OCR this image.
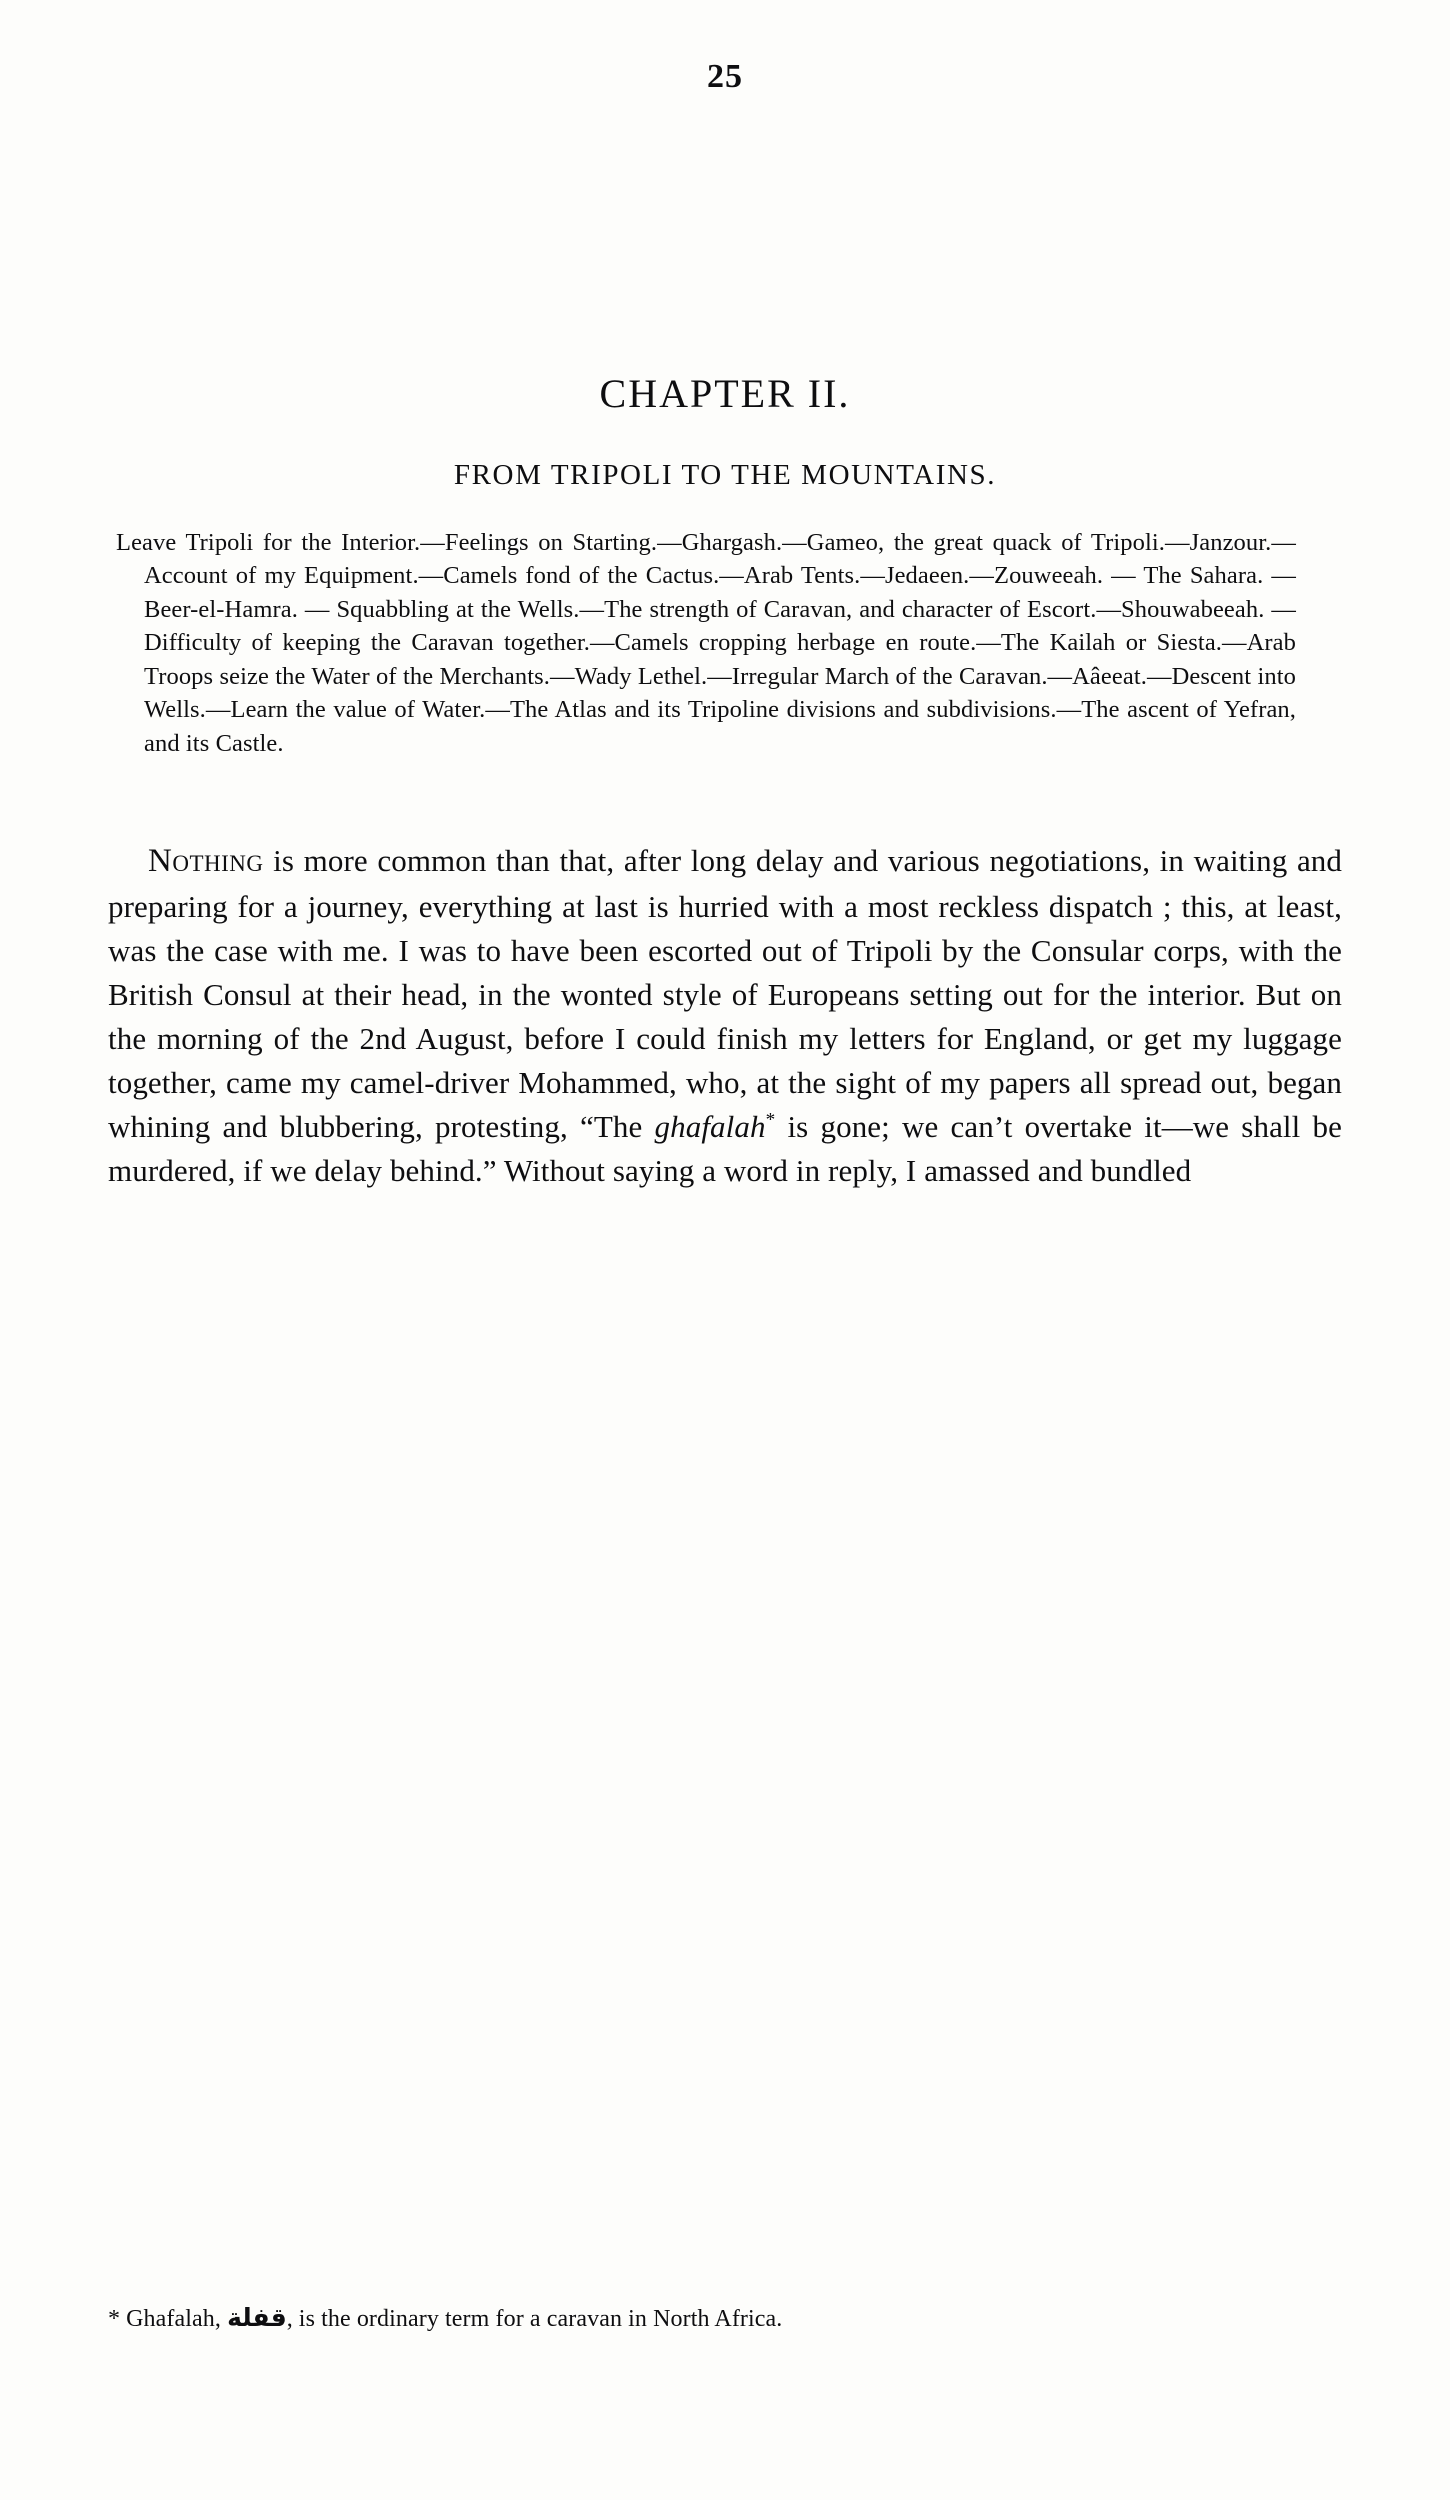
25
CHAPTER II.
FROM TRIPOLI TO THE MOUNTAINS.

Leave Tripoli for the Interior.—Feelings on Starting.—Ghargash.—Gameo, the great quack of Tripoli.—Janzour.—Account of my Equipment.—Camels fond of the Cactus.—Arab Tents.—Jedaeen.—Zouweeah. — The Sahara. — Beer-el-Hamra. — Squabbling at the Wells.—The strength of Caravan, and character of Escort.—Shouwabeeah. — Difficulty of keeping the Caravan together.—Camels cropping herbage en route.—The Kailah or Siesta.—Arab Troops seize the Water of the Merchants.—Wady Lethel.—Irregular March of the Caravan.—Aâeeat.—Descent into Wells.—Learn the value of Water.—The Atlas and its Tripoline divisions and subdivisions.—The ascent of Yefran, and its Castle.

Nothing is more common than that, after long delay and various negotiations, in waiting and preparing for a journey, everything at last is hurried with a most reckless dispatch ; this, at least, was the case with me. I was to have been escorted out of Tripoli by the Consular corps, with the British Consul at their head, in the wonted style of Europeans setting out for the interior. But on the morning of the 2nd August, before I could finish my letters for England, or get my luggage together, came my camel-driver Mohammed, who, at the sight of my papers all spread out, began whining and blubbering, protesting, “The ghafalah* is gone; we can’t overtake it—we shall be murdered, if we delay behind.” Without saying a word in reply, I amassed and bundled

* Ghafalah, قفلة, is the ordinary term for a caravan in North Africa.
